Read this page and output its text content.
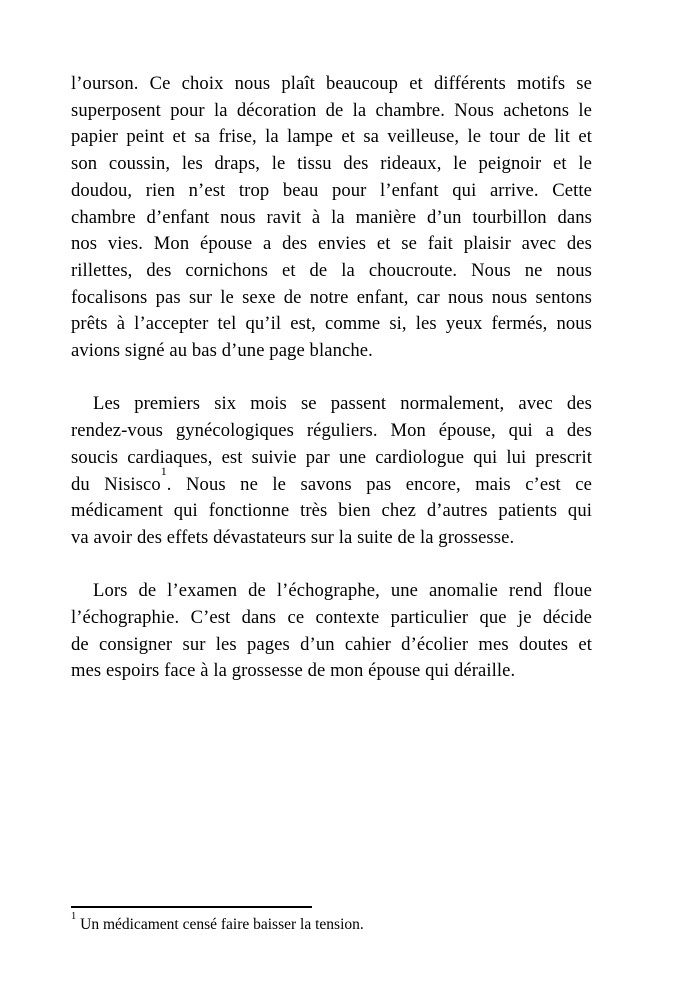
l’ourson. Ce choix nous plaît beaucoup et différents motifs se
superposent pour la décoration de la chambre. Nous achetons le
papier peint et sa frise, la lampe et sa veilleuse, le tour de lit et
son coussin, les draps, le tissu des rideaux, le peignoir et le
doudou, rien n’est trop beau pour l’enfant qui arrive. Cette
chambre d’enfant nous ravit à la manière d’un tourbillon dans
nos vies. Mon épouse a des envies et se fait plaisir avec des
rillettes, des cornichons et de la choucroute. Nous ne nous
focalisons pas sur le sexe de notre enfant, car nous nous sentons
prêts à l’accepter tel qu’il est, comme si, les yeux fermés, nous
avions signé au bas d’une page blanche.
Les premiers six mois se passent normalement, avec des
rendez-vous gynécologiques réguliers. Mon épouse, qui a des
soucis cardiaques, est suivie par une cardiologue qui lui prescrit
du Nisisco$^1$. Nous ne le savons pas encore, mais c’est ce
médicament qui fonctionne très bien chez d’autres patients qui
va avoir des effets dévastateurs sur la suite de la grossesse.
Lors de l’examen de l’échographe, une anomalie rend floue
l’échographie. C’est dans ce contexte particulier que je décide
de consigner sur les pages d’un cahier d’écolier mes doutes et
mes espoirs face à la grossesse de mon épouse qui déraille.
$^1$ Un médicament censé faire baisser la tension.
